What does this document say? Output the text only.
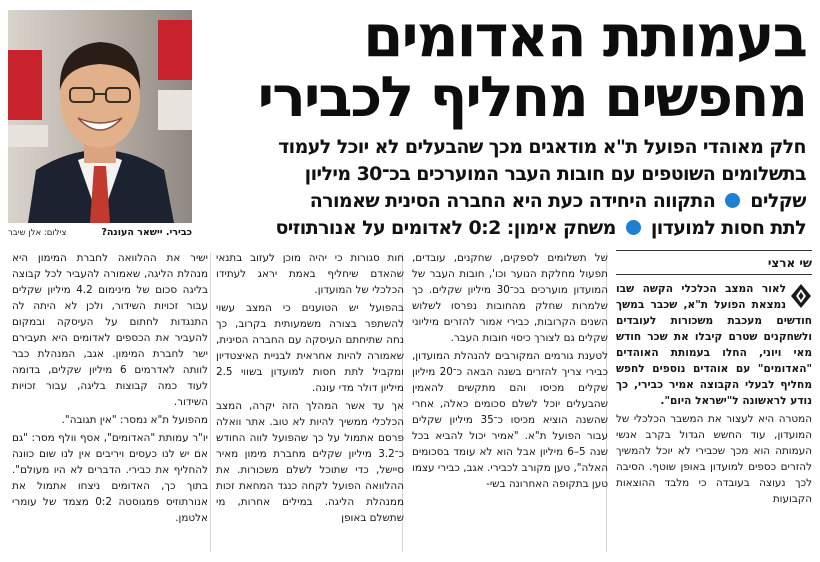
כבירי. יישאר העונה?
צילום: אלן שיבר
בעמותת האדומים
מחפשים מחליף לכבירי
חלק מאוהדי הפועל ת"א מודאגים מכך שהבעלים לא יוכל לעמוד
בתשלומים השוטפים עם חובות העבר המוערכים בכ־30 מיליון
שקלים  התקווה היחידה כעת היא החברה הסינית שאמורה
לתת חסות למועדון  משחק אימון: 0:2 לאדומים על אנורתוזיס
שי ארצי

לאור המצב הכלכלי הקשה שבו נמצאת הפועל ת"א, שכבר במשך חודשים מעכבת משכורות לעובדים ולשחקנים שטרם קיבלו את שכר חודש מאי ויוני, החלו בעמותת האוהדים "האדומים" עם אוהדים נוספים לחפש מחליף לבעלי הקבוצה אמיר כבירי, כך נודע לראשונה ל"ישראל היום".

המטרה היא לעצור את המשבר הכלכלי של המועדון, עוד החשש הגדול בקרב אנשי העמותה הוא מכך שכבירי לא יוכל להמשיך להזרים כספים למועדון באופן שוטף. הסיבה לכך נעוצה בעובדה כי מלבד ההוצאות הקבועות

של תשלומים לספקים, שחקנים, עובדים, תפעול מחלקת הנוער וכו', חובות העבר של המועדון מוערכים בכ־30 מיליון שקלים. כך שלמרות שחלק מהחובות נפרסו לשלוש השנים הקרובות, כבירי אמור להזרים מיליוני שקלים גם לצורך כיסוי חובות העבר.

לטענת גורמים המקורבים להנהלת המועדון, כבירי צריך להזרים בשנה הבאה כ־20 מיליון שקלים מכיסו והם מתקשים להאמין שהבעלים יוכל לשלם סכומים כאלה, אחרי שהשנה הוציא מכיסו כ־35 מיליון שקלים עבור הפועל ת"א. "אמיר יכול להביא בכל שנה 5–6 מיליון אבל הוא לא עומד בסכומים האלה", טען מקורב לכבירי. אגב, כבירי עצמו טען בתקופה האחרונה בשי-

חות סגורות כי יהיה מוכן לעזוב בתנאי שהאדם שיחליף באמת יראג לעתידו הכלכלי של המועדון.

בהפועל יש הטוענים כי המצב עשוי להשתפר בצורה משמעותית בקרוב, כך נחה שתיחתם העיסקה עם החברה הסינית, שאמורה להיות אחראית לבניית האיצטדיון ומקביל לתת חסות למועדון בשווי 2.5 מיליון דולר מדי עונה.

אך עד אשר המהלך הזה יקרה, המצב הכלכלי ממשיך להיות לא טוב. אתר וואלה פרסם אתמול על כך שהפועל לווה החודש כ־3.2 מיליון שקלים מחברת מימון מאיר סיישל, כדי שתוכל לשלם משכורות. את ההלוואה הפועל לקחה כנגד המחאת זכות ממנהלת הליגה. במילים אחרות, מי שתשלם באופן

ישיר את ההלוואה לחברת המימון היא מנהלת הליגה, שאמורה להעביר לכל קבוצה בליגה סכום של מינימום 4.2 מיליון שקלים עבור זכויות השידור, ולכן לא היתה לה התנגדות לחתום על העיסקה ובמקום להעביר את הכספים לאדומים היא תעבירם ישר לחברת המימון. אגב, המנהלת כבר לוותה לאדרמים 6 מיליון שקלים, בדומה לעוד כמה קבוצות בליגה, עבור זכויות השידור.

מהפועל ת"א נמסר: "אין תגובה".

יו"ר עמותת "האדומים", אסף וולף מסר: "גם אם יש לנו כעסים ויריבים אין לנו שום כוונה להחליף את כבירי. הדברים לא היו מעולם". בתוך כך, האדומים ניצחו אתמול את אנורתוזיס פמגוסטה 0:2 מצמד של עומרי אלטמן.
